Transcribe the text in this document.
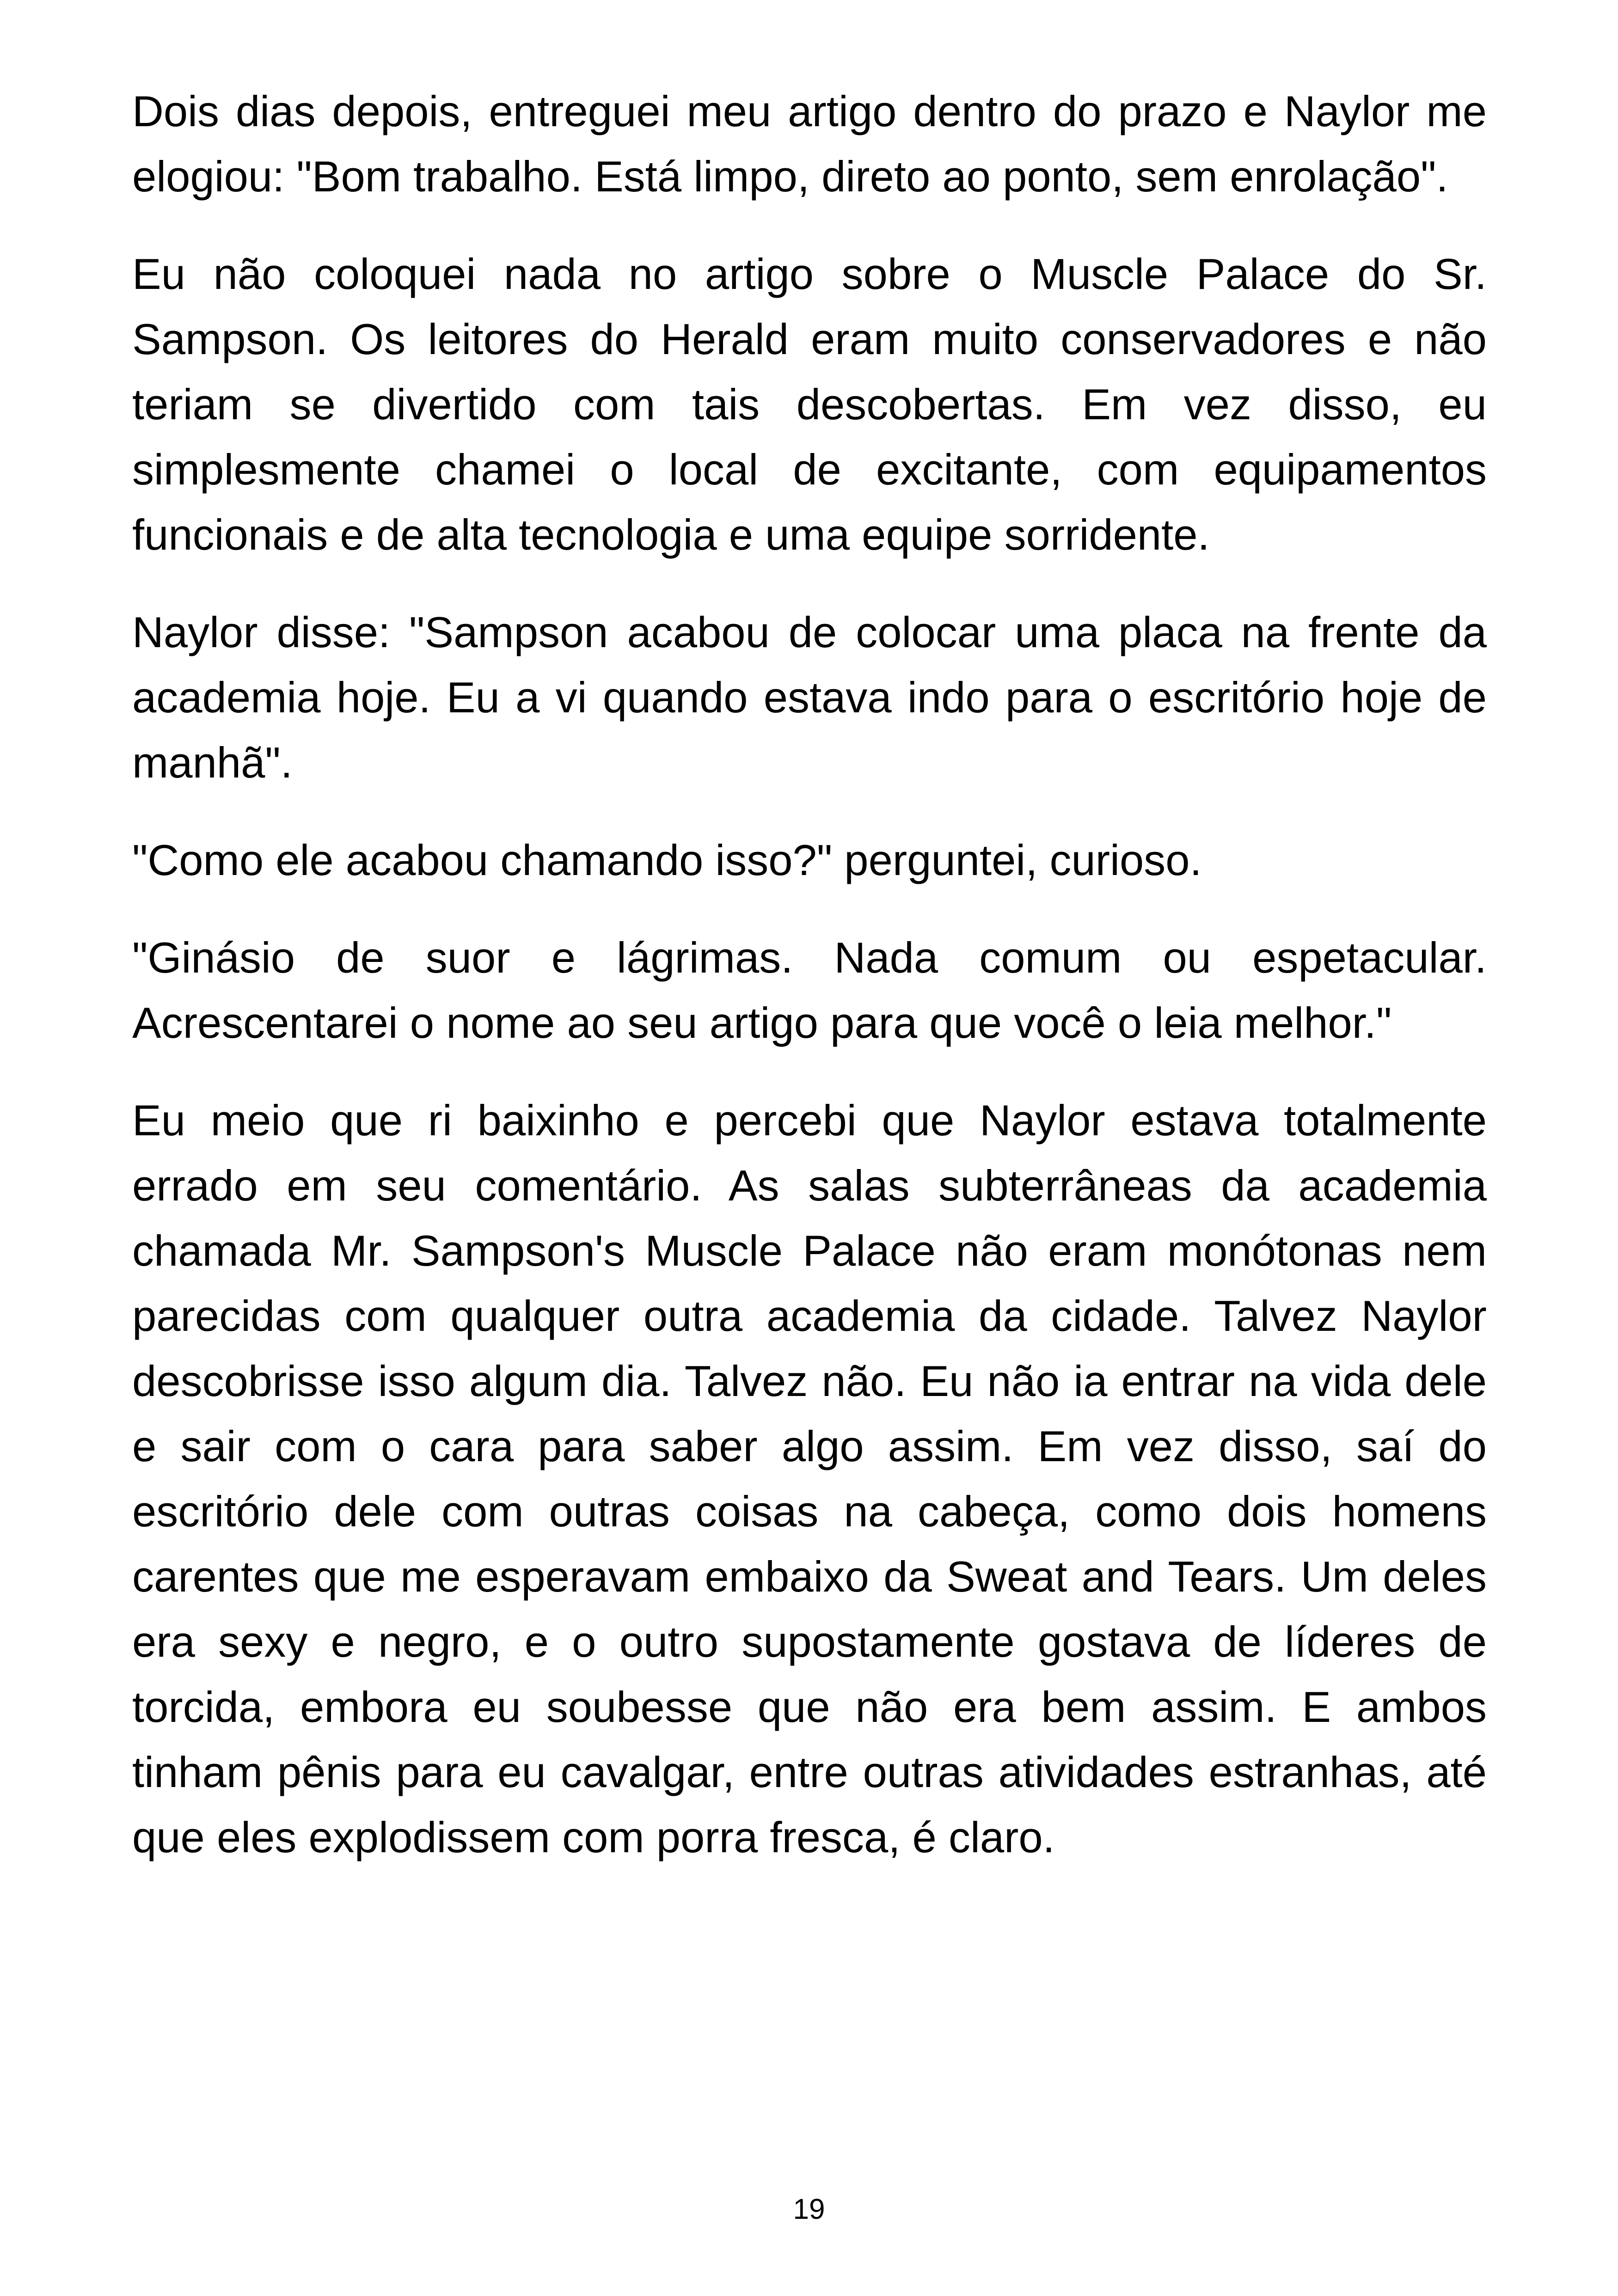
Dois dias depois, entreguei meu artigo dentro do prazo e Naylor me elogiou: "Bom trabalho. Está limpo, direto ao ponto, sem enrolação".

Eu não coloquei nada no artigo sobre o Muscle Palace do Sr. Sampson. Os leitores do Herald eram muito conservadores e não teriam se divertido com tais descobertas. Em vez disso, eu simplesmente chamei o local de excitante, com equipamentos funcionais e de alta tecnologia e uma equipe sorridente.

Naylor disse: "Sampson acabou de colocar uma placa na frente da academia hoje. Eu a vi quando estava indo para o escritório hoje de manhã".

"Como ele acabou chamando isso?" perguntei, curioso.

"Ginásio de suor e lágrimas. Nada comum ou espetacular. Acrescentarei o nome ao seu artigo para que você o leia melhor."

Eu meio que ri baixinho e percebi que Naylor estava totalmente errado em seu comentário. As salas subterrâneas da academia chamada Mr. Sampson's Muscle Palace não eram monótonas nem parecidas com qualquer outra academia da cidade. Talvez Naylor descobrisse isso algum dia. Talvez não. Eu não ia entrar na vida dele e sair com o cara para saber algo assim. Em vez disso, saí do escritório dele com outras coisas na cabeça, como dois homens carentes que me esperavam embaixo da Sweat and Tears. Um deles era sexy e negro, e o outro supostamente gostava de líderes de torcida, embora eu soubesse que não era bem assim. E ambos tinham pênis para eu cavalgar, entre outras atividades estranhas, até que eles explodissem com porra fresca, é claro.

19
